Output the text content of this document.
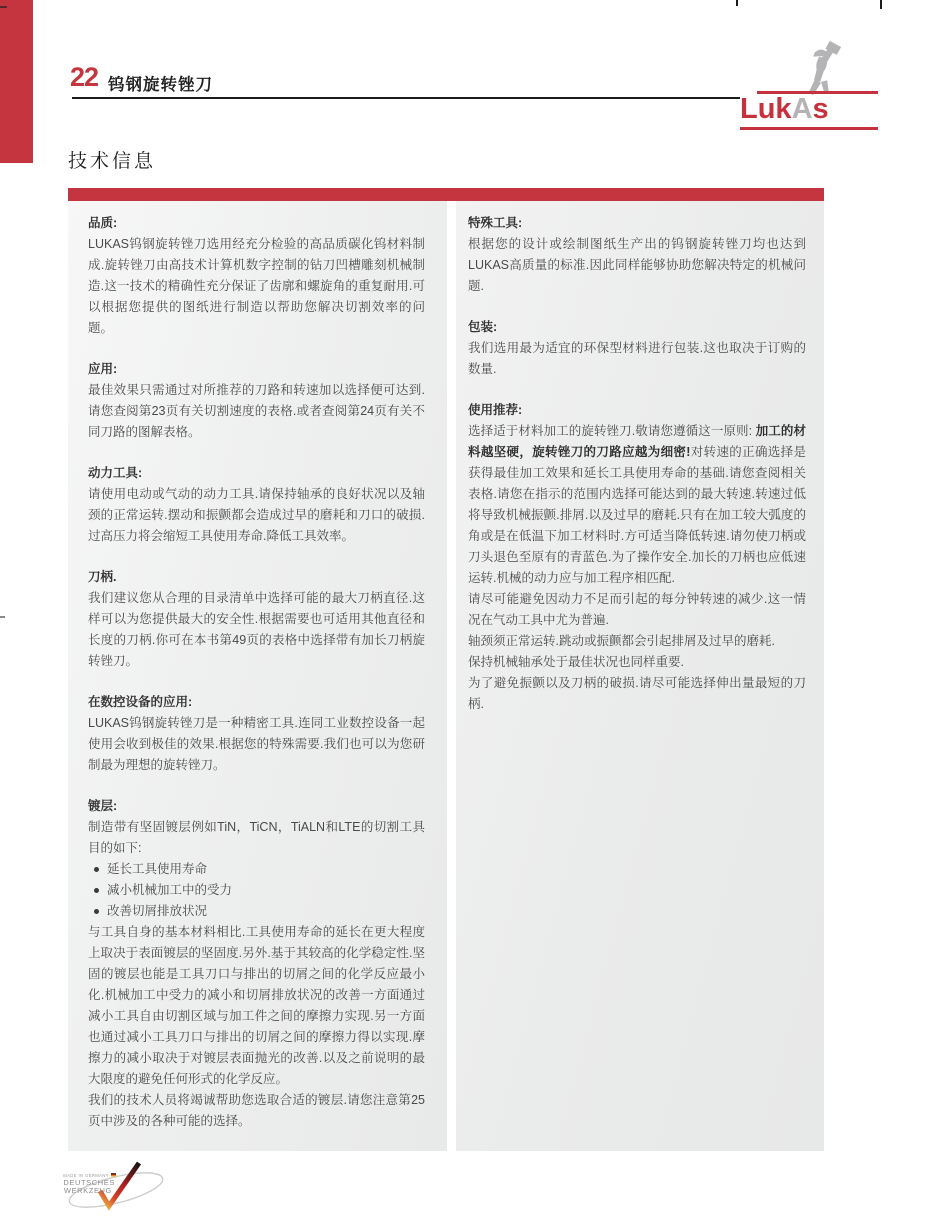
22 钨钢旋转锉刀
LukAs
技术信息
品质:

LUKAS钨钢旋转锉刀选用经充分检验的高品质碳化钨材料制成.旋转锉刀由高技术计算机数字控制的钻刀凹槽雕刻机械制造.这一技术的精确性充分保证了齿廓和螺旋角的重复耐用.可以根据您提供的图纸进行制造以帮助您解决切割效率的问题。

应用:

最佳效果只需通过对所推荐的刀路和转速加以选择便可达到.请您查阅第23页有关切割速度的表格.或者查阅第24页有关不同刀路的图解表格。

动力工具:

请使用电动或气动的动力工具.请保持轴承的良好状况以及轴颈的正常运转.摆动和振颤都会造成过早的磨耗和刀口的破损.过高压力将会缩短工具使用寿命.降低工具效率。

刀柄.

我们建议您从合理的目录清单中选择可能的最大刀柄直径.这样可以为您提供最大的安全性.根据需要也可适用其他直径和长度的刀柄.你可在本书第49页的表格中选择带有加长刀柄旋转锉刀。

在数控设备的应用:

LUKAS钨钢旋转锉刀是一种精密工具.连同工业数控设备一起使用会收到极佳的效果.根据您的特殊需要.我们也可以为您研制最为理想的旋转锉刀。

镀层:

制造带有坚固镀层例如TiN，TiCN，TiALN和LTE的切割工具目的如下:

延长工具使用寿命
减小机械加工中的受力
改善切屑排放状况

与工具自身的基本材料相比.工具使用寿命的延长在更大程度上取决于表面镀层的坚固度.另外.基于其较高的化学稳定性.坚固的镀层也能是工具刀口与排出的切屑之间的化学反应最小化.机械加工中受力的减小和切屑排放状况的改善一方面通过减小工具自由切割区域与加工件之间的摩擦力实现.另一方面也通过减小工具刀口与排出的切屑之间的摩擦力得以实现.摩擦力的减小取决于对镀层表面抛光的改善.以及之前说明的最大限度的避免任何形式的化学反应。

我们的技术人员将竭诚帮助您选取合适的镀层.请您注意第25页中涉及的各种可能的选择。

特殊工具:

根据您的设计或绘制图纸生产出的钨钢旋转锉刀均也达到LUKAS高质量的标准.因此同样能够协助您解决特定的机械问题.

包装:

我们选用最为适宜的环保型材料进行包装.这也取决于订购的数量.

使用推荐:

选择适于材料加工的旋转锉刀.敬请您遵循这一原则: 加工的材料越坚硬，旋转锉刀的刀路应越为细密!对转速的正确选择是获得最佳加工效果和延长工具使用寿命的基础.请您查阅相关表格.请您在指示的范围内选择可能达到的最大转速.转速过低将导致机械振颤.排屑.以及过早的磨耗.只有在加工较大弧度的角或是在低温下加工材料时.方可适当降低转速.请勿使刀柄或刀头退色至原有的青蓝色.为了操作安全.加长的刀柄也应低速运转.机械的动力应与加工程序相匹配.

请尽可能避免因动力不足而引起的每分钟转速的减少.这一情况在气动工具中尤为普遍.

轴颈须正常运转.跳动或振颤都会引起排屑及过早的磨耗.

保持机械轴承处于最佳状况也同样重要.

为了避免振颤以及刀柄的破损.请尽可能选择伸出量最短的刀柄.

MADE IN GERMANY
DEUTSCHES
WERKZEUG
